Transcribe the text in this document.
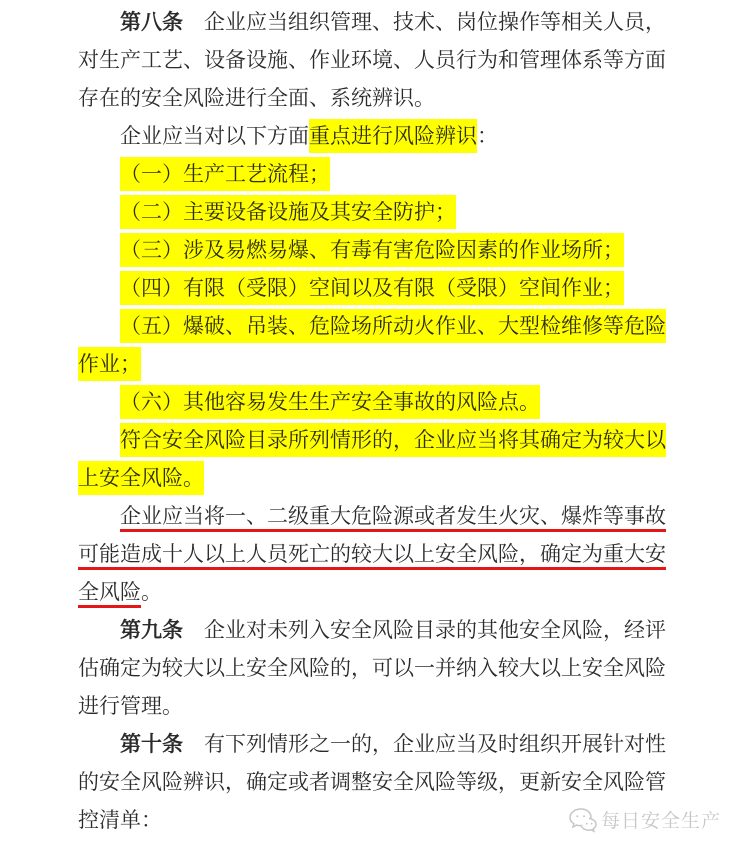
第八条　企业应当组织管理、技术、岗位操作等相关人员，对生产工艺、设备设施、作业环境、人员行为和管理体系等方面存在的安全风险进行全面、系统辨识。

企业应当对以下方面重点进行风险辨识：

（一）生产工艺流程；

（二）主要设备设施及其安全防护；

（三）涉及易燃易爆、有毒有害危险因素的作业场所；

（四）有限（受限）空间以及有限（受限）空间作业；

（五）爆破、吊装、危险场所动火作业、大型检维修等危险作业；

（六）其他容易发生生产安全事故的风险点。

符合安全风险目录所列情形的，企业应当将其确定为较大以上安全风险。

企业应当将一、二级重大危险源或者发生火灾、爆炸等事故可能造成十人以上人员死亡的较大以上安全风险，确定为重大安全风险。

第九条　企业对未列入安全风险目录的其他安全风险，经评估确定为较大以上安全风险的，可以一并纳入较大以上安全风险进行管理。

第十条　有下列情形之一的，企业应当及时组织开展针对性的安全风险辨识，确定或者调整安全风险等级，更新安全风险管控清单：	每日安全生产
